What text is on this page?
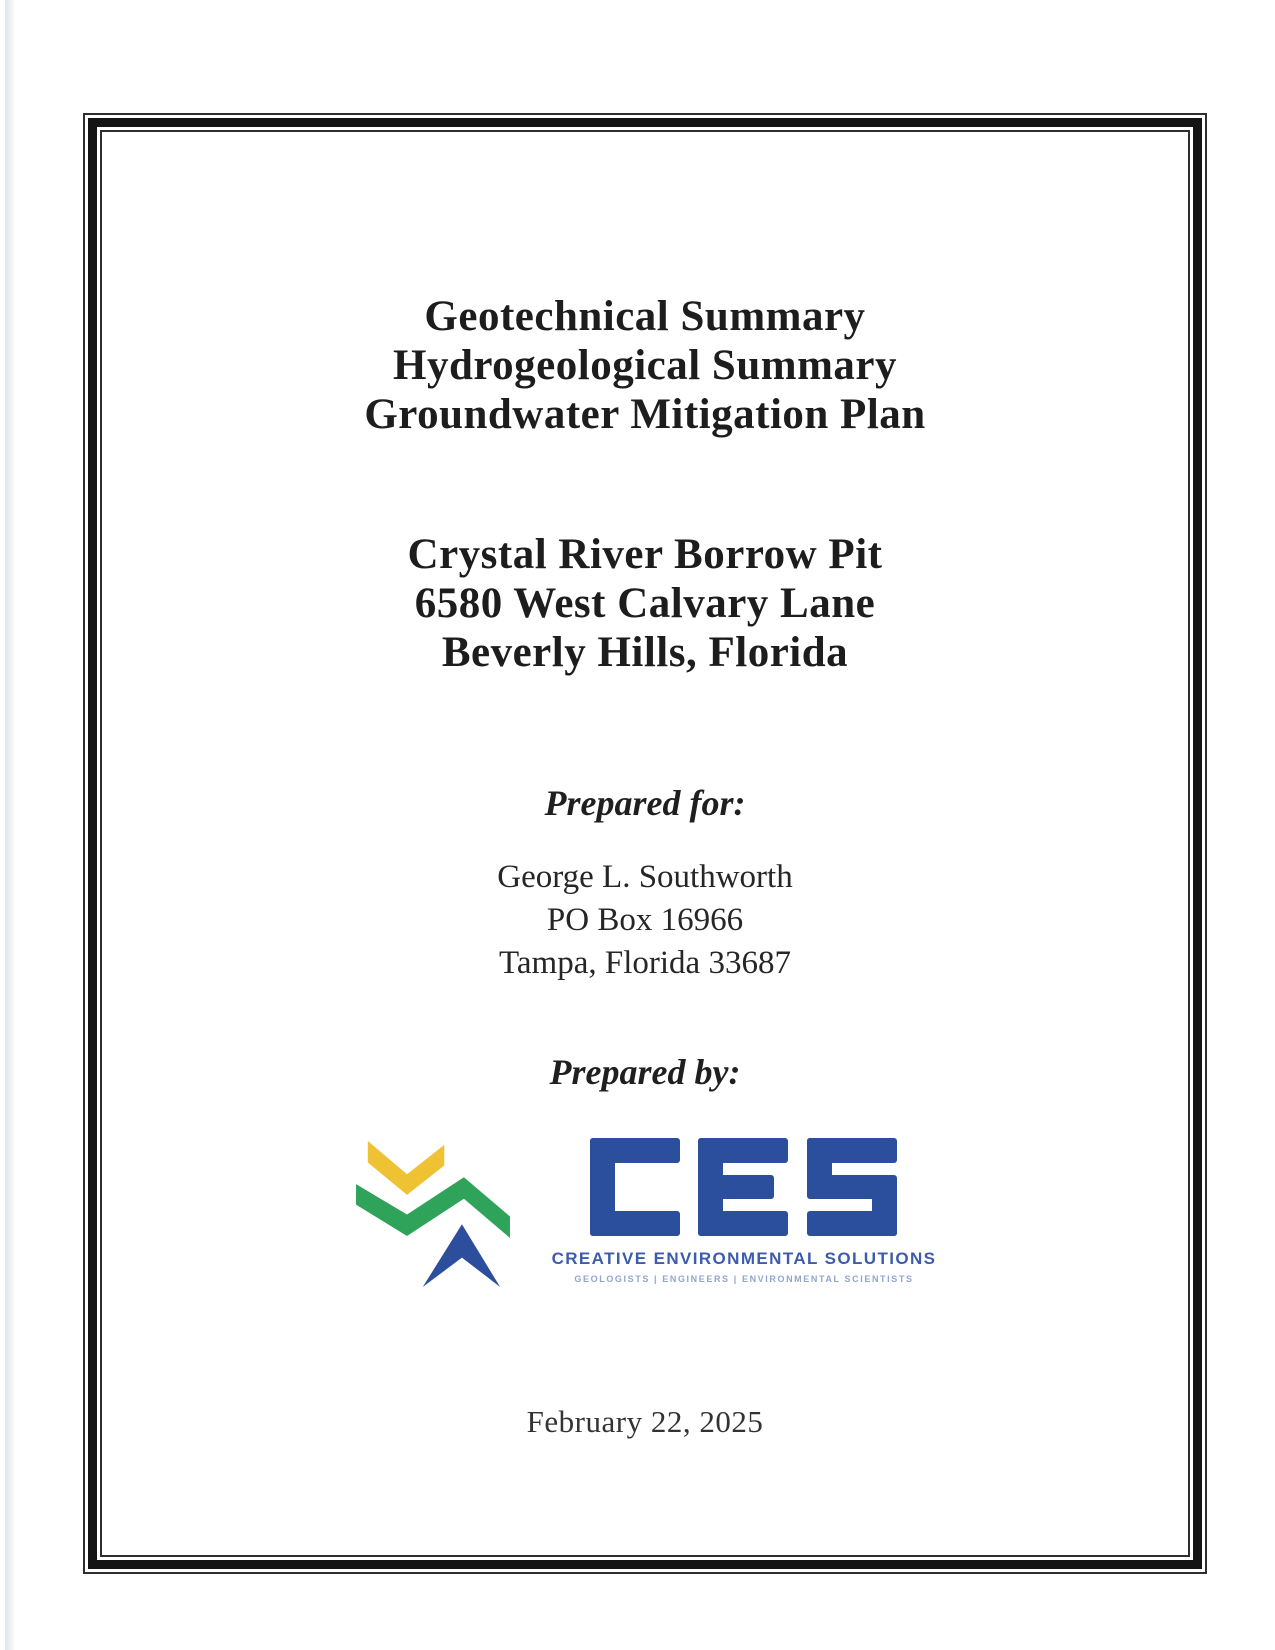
Geotechnical Summary
Hydrogeological Summary
Groundwater Mitigation Plan
Crystal River Borrow Pit
6580 West Calvary Lane
Beverly Hills, Florida
Prepared for:
George L. Southworth
PO Box 16966
Tampa, Florida 33687
Prepared by:
CREATIVE ENVIRONMENTAL SOLUTIONS
GEOLOGISTS | ENGINEERS | ENVIRONMENTAL SCIENTISTS
February 22, 2025
